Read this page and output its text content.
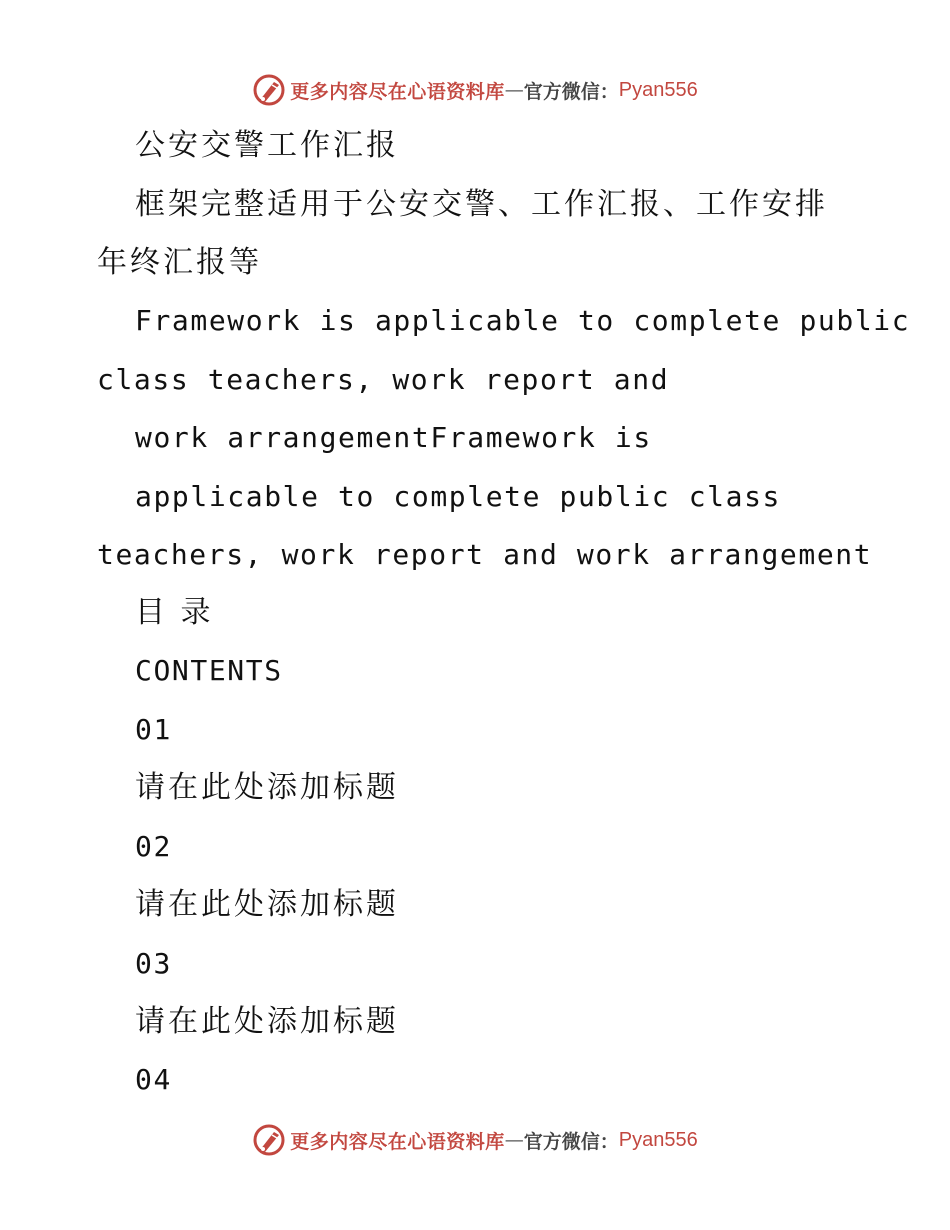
更多内容尽在心语资料库 — 官方微信： Pyan556
公安交警工作汇报
框架完整适用于公安交警、工作汇报、工作安排
年终汇报等
Framework is applicable to complete public
class teachers, work report and
work arrangementFramework is
applicable to complete public class
teachers, work report and work arrangement
目 录
CONTENTS
01
请在此处添加标题
02
请在此处添加标题
03
请在此处添加标题
04
更多内容尽在心语资料库 — 官方微信： Pyan556
